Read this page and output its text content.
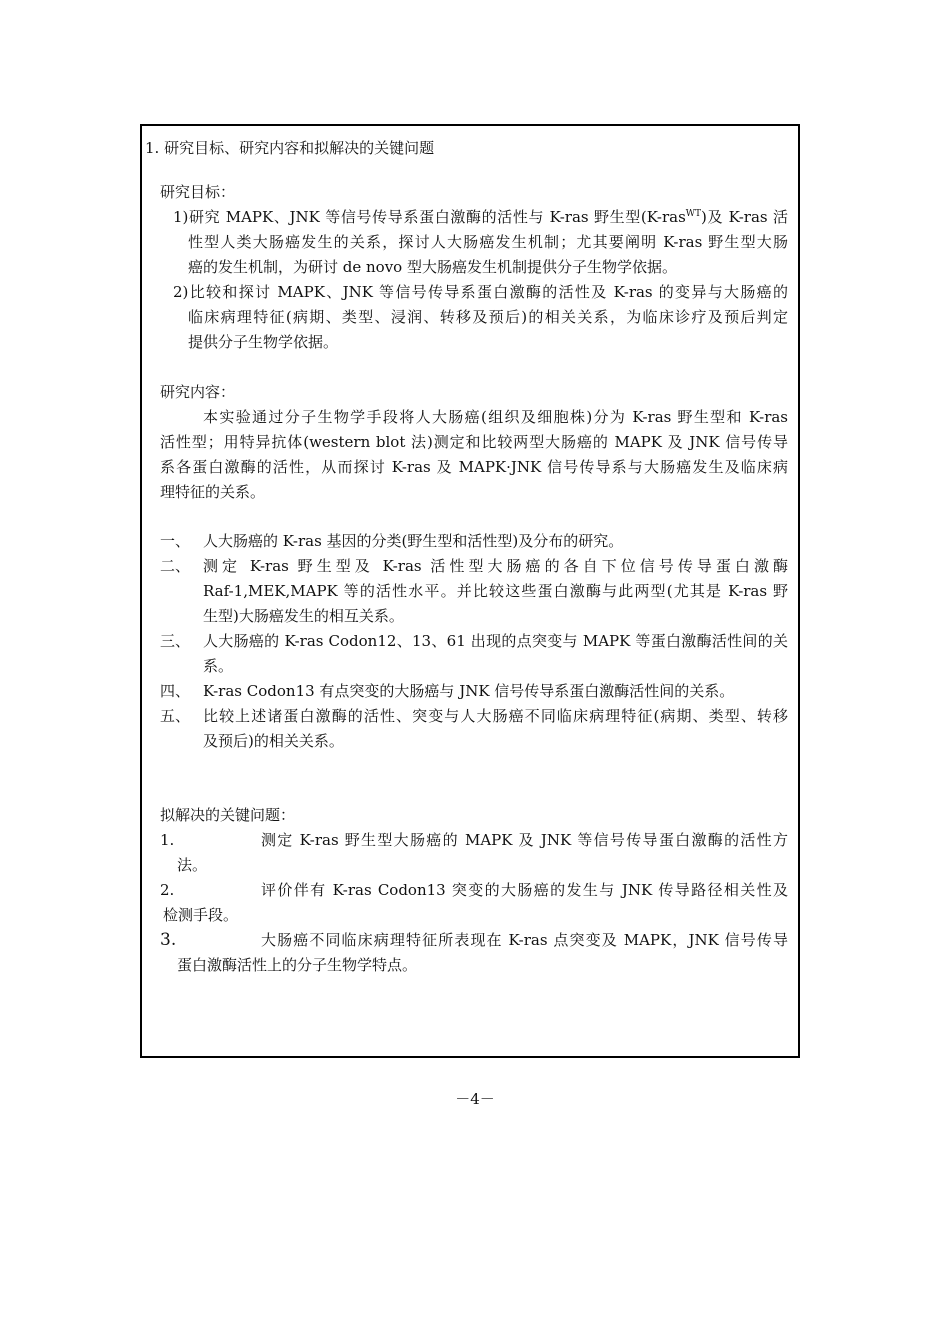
1. 研究目标、研究内容和拟解决的关键问题
研究目标：
1)研究 MAPK、JNK 等信号传导系蛋白激酶的活性与 K-ras 野生型(K-ras$^{WT}$)及 K-ras 活
性型人类大肠癌发生的关系，探讨人大肠癌发生机制；尤其要阐明 K-ras 野生型大肠
癌的发生机制，为研讨 de novo 型大肠癌发生机制提供分子生物学依据。
2)比较和探讨 MAPK、JNK 等信号传导系蛋白激酶的活性及 K-ras 的变异与大肠癌的
临床病理特征(病期、类型、浸润、转移及预后)的相关关系，为临床诊疗及预后判定
提供分子生物学依据。
研究内容：
本实验通过分子生物学手段将人大肠癌(组织及细胞株)分为 K-ras 野生型和 K-ras
活性型；用特异抗体(western blot 法)测定和比较两型大肠癌的 MAPK 及 JNK 信号传导
系各蛋白激酶的活性，从而探讨 K-ras 及 MAPK·JNK 信号传导系与大肠癌发生及临床病
理特征的关系。
一、 人大肠癌的 K-ras 基因的分类(野生型和活性型)及分布的研究。
二、 测定 K-ras 野生型及 K-ras 活性型大肠癌的各自下位信号传导蛋白激酶
Raf-1,MEK,MAPK 等的活性水平。并比较这些蛋白激酶与此两型(尤其是 K-ras 野
生型)大肠癌发生的相互关系。
三、 人大肠癌的 K-ras Codon12、13、61 出现的点突变与 MAPK 等蛋白激酶活性间的关
系。
四、 K-ras Codon13 有点突变的大肠癌与 JNK 信号传导系蛋白激酶活性间的关系。
五、 比较上述诸蛋白激酶的活性、突变与人大肠癌不同临床病理特征(病期、类型、转移
及预后)的相关关系。
拟解决的关键问题：
1.	测定 K-ras 野生型大肠癌的 MAPK 及 JNK 等信号传导蛋白激酶的活性方
法。
2.	评价伴有 K-ras Codon13 突变的大肠癌的发生与 JNK 传导路径相关性及
检测手段。
3.	大肠癌不同临床病理特征所表现在 K-ras 点突变及 MAPK，JNK 信号传导
蛋白激酶活性上的分子生物学特点。
－4－
